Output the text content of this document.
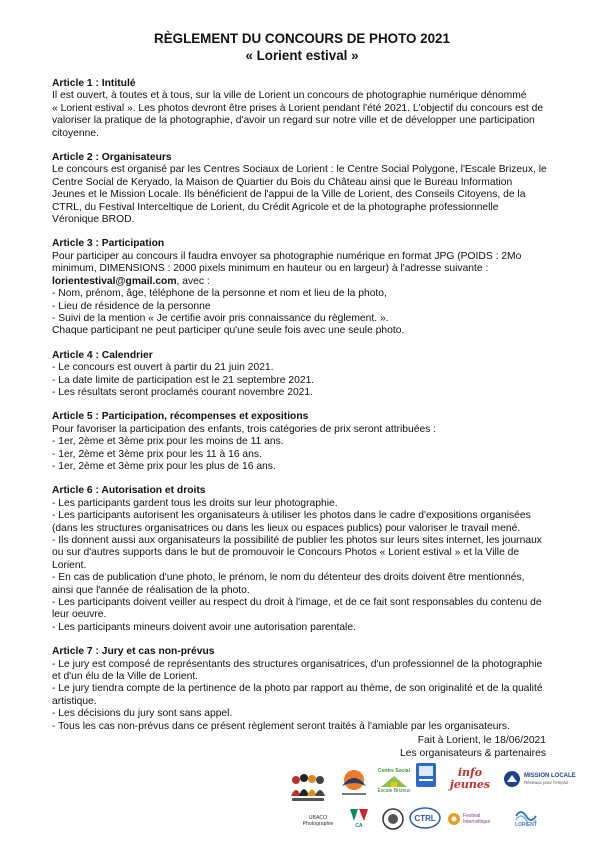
RÈGLEMENT DU CONCOURS DE PHOTO 2021
« Lorient estival »
Article 1 : Intitulé
Il est ouvert, à toutes et à tous, sur la ville de Lorient un concours de photographie numérique dénommé
« Lorient estival ». Les photos devront être prises à Lorient pendant l'été 2021. L'objectif du concours est de
valoriser la pratique de la photographie, d'avoir un regard sur notre ville et de développer une participation
citoyenne.
Article 2 : Organisateurs
Le concours est organisé par les Centres Sociaux de Lorient : le Centre Social Polygone, l'Escale Brizeux, le
Centre Social de Keryado, la Maison de Quartier du Bois du Château ainsi que le Bureau Information
Jeunes et le Mission Locale. Ils bénéficient de l'appui de la Ville de Lorient, des Conseils Citoyens, de la
CTRL, du Festival Interceltique de Lorient, du Crédit Agricole et de la photographe professionnelle
Véronique BROD.
Article 3 : Participation
Pour participer au concours il faudra envoyer sa photographie numérique en format JPG (POIDS : 2Mo
minimum, DIMENSIONS : 2000 pixels minimum en hauteur ou en largeur) à l'adresse suivante :
lorientestival@gmail.com, avec :
- Nom, prénom, âge, téléphone de la personne et nom et lieu de la photo,
- Lieu de résidence de la personne
- Suivi de la mention « Je certifie avoir pris connaissance du règlement. ».
Chaque participant ne peut participer qu'une seule fois avec une seule photo.
Article 4 : Calendrier
- Le concours est ouvert à partir du 21 juin 2021.
- La date limite de participation est le 21 septembre 2021.
- Les résultats seront proclamés courant novembre 2021.
Article 5 : Participation, récompenses et expositions
Pour favoriser la participation des enfants, trois catégories de prix seront attribuées :
- 1er, 2ème et 3ème prix pour les moins de 11 ans.
- 1er, 2ème et 3ème prix pour les 11 à 16 ans.
- 1er, 2ème et 3ème prix pour les plus de 16 ans.
Article 6 : Autorisation et droits
- Les participants gardent tous les droits sur leur photographie.
- Les participants autorisent les organisateurs à utiliser les photos dans le cadre d'expositions organisées
(dans les structures organisatrices ou dans les lieux ou espaces publics) pour valoriser le travail mené.
- Ils donnent aussi aux organisateurs la possibilité de publier les photos sur leurs sites internet, les journaux
ou sur d'autres supports dans le but de promouvoir le Concours Photos « Lorient estival » et la Ville de
Lorient.
- En cas de publication d'une photo, le prénom, le nom du détenteur des droits doivent être mentionnés,
ainsi que l'année de réalisation de la photo.
- Les participants doivent veiller au respect du droit à l'image, et de ce fait sont responsables du contenu de
leur oeuvre.
- Les participants mineurs doivent avoir une autorisation parentale.
Article 7 : Jury et cas non-prévus
- Le jury est composé de représentants des structures organisatrices, d'un professionnel de la photographie
et d'un élu de la Ville de Lorient.
- Le jury tiendra compte de la pertinence de la photo par rapport au thème, de son originalité et de la qualité
artistique.
- Les décisions du jury sont sans appel.
- Tous les cas non-prévus dans ce présent règlement seront traités à l'amiable par les organisateurs.
Fait à Lorient, le 18/06/2021
Les organisateurs & partenaires
Centre Social
Escale Brizeux
info jeunes
MISSION LOCALE
Réseaux pour l'emploi
UBACO Photographie	CA
CTRL	Festival Interceltique	LORIENT
